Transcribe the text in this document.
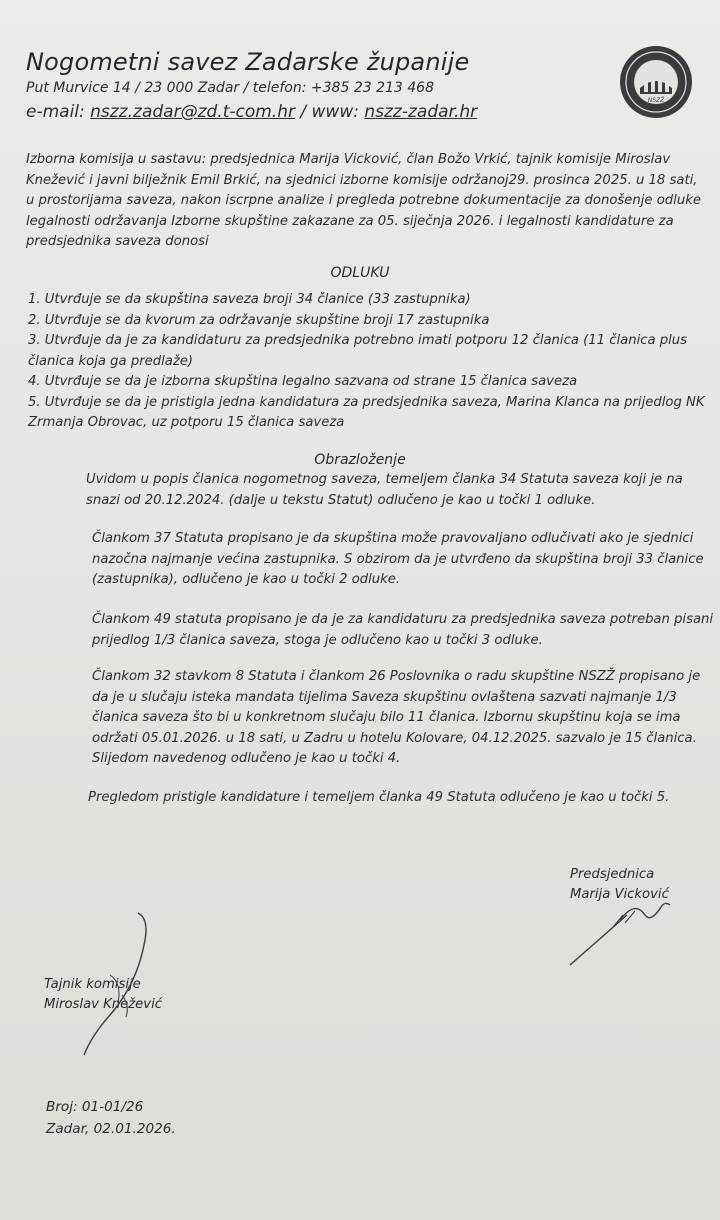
Nogometni savez Zadarske županije
Put Murvice 14 / 23 000 Zadar / telefon: +385 23 213 468
e-mail: nszz.zadar@zd.t-com.hr / www: nszz-zadar.hr
NSZŽ
Izborna komisija u sastavu: predsjednica Marija Vicković, član Božo Vrkić, tajnik komisije Miroslav Knežević i javni bilježnik Emil Brkić, na sjednici izborne komisije održanoj29. prosinca 2025. u 18 sati, u prostorijama saveza, nakon iscrpne analize i pregleda potrebne dokumentacije za donošenje odluke legalnosti održavanja Izborne skupštine zakazane za 05. siječnja 2026. i legalnosti kandidature za predsjednika saveza donosi
ODLUKU

1. Utvrđuje se da skupština saveza broji 34 članice (33 zastupnika)

2. Utvrđuje se da kvorum za održavanje skupštine broji 17 zastupnika

3. Utvrđuje da je za kandidaturu za predsjednika potrebno imati potporu 12 članica (11 članica plus članica koja ga predlaže)

4. Utvrđuje se da je izborna skupština legalno sazvana od strane 15 članica saveza

5. Utvrđuje se da je pristigla jedna kandidatura za predsjednika saveza, Marina Klanca na prijedlog NK Zrmanja Obrovac, uz potporu 15 članica saveza

Obrazloženje

Uvidom u popis članica nogometnog saveza, temeljem članka 34 Statuta saveza koji je na snazi od 20.12.2024. (dalje u tekstu Statut) odlučeno je kao u točki 1 odluke.

Člankom 37 Statuta propisano je da skupština može pravovaljano odlučivati ako je sjednici nazočna najmanje većina zastupnika. S obzirom da je utvrđeno da skupština broji 33 članice (zastupnika), odlučeno je kao u točki 2 odluke.

Člankom 49 statuta propisano je da je za kandidaturu za predsjednika saveza potreban pisani prijedlog 1/3 članica saveza, stoga je odlučeno kao u točki 3 odluke.

Člankom 32 stavkom 8 Statuta i člankom 26 Poslovnika o radu skupštine NSZŽ propisano je da je u slučaju isteka mandata tijelima Saveza skupštinu ovlaštena sazvati najmanje 1/3 članica saveza što bi u konkretnom slučaju bilo 11 članica. Izbornu skupštinu koja se ima održati 05.01.2026. u 18 sati, u Zadru u hotelu Kolovare, 04.12.2025. sazvalo je 15 članica. Slijedom navedenog odlučeno je kao u točki 4.

Pregledom pristigle kandidature i temeljem članka 49 Statuta odlučeno je kao u točki 5.

Predsjednica
Marija Vicković
Tajnik komisije
Miroslav Knežević
Broj: 01-01/26
Zadar, 02.01.2026.
